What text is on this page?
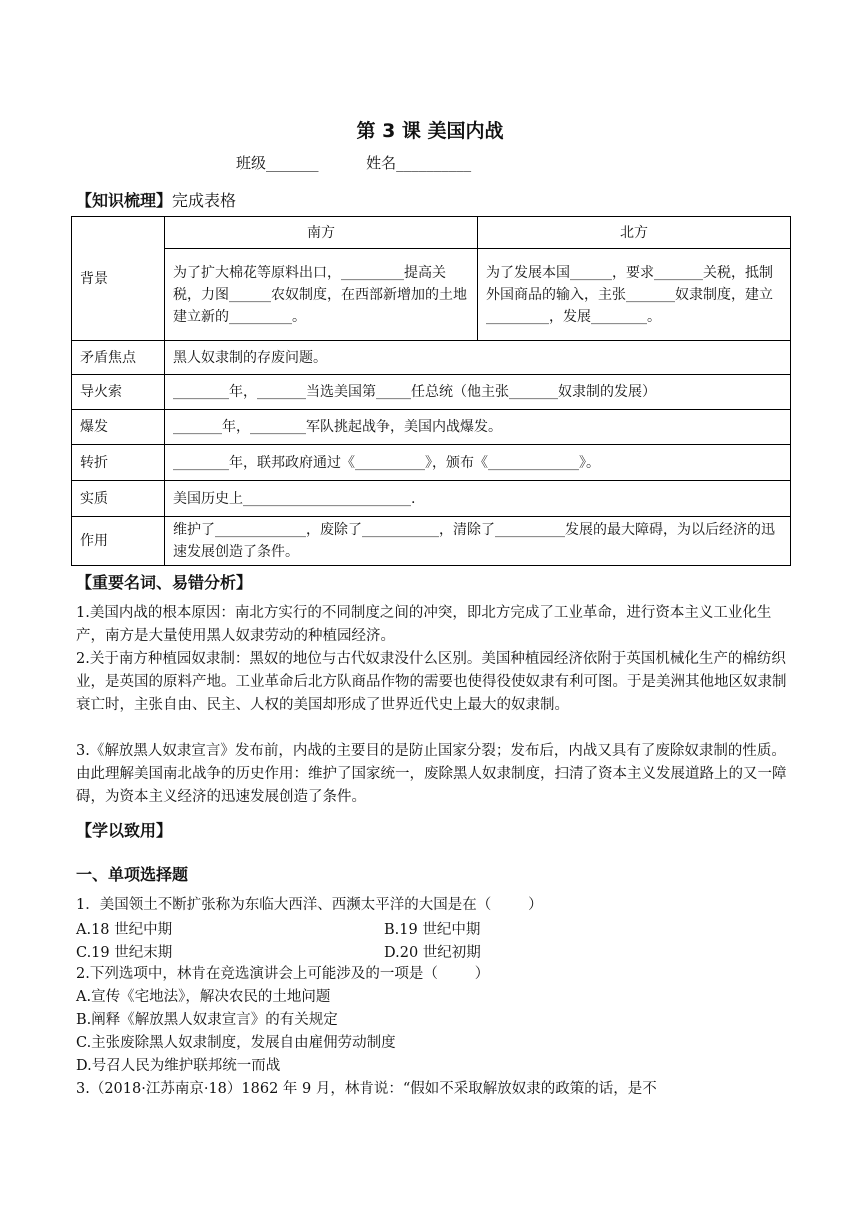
第 3 课 美国内战
班级_______          姓名__________
【知识梳理】完成表格
背景	南方	北方
	为了扩大棉花等原料出口，_________提高关税，力图______农奴制度，在西部新增加的土地建立新的_________。	为了发展本国______，要求_______关税，抵制外国商品的输入，主张_______奴隶制度，建立_________，发展________。
矛盾焦点	黑人奴隶制的存废问题。	
导火索	________年，_______当选美国第_____任总统（他主张_______奴隶制的发展）	
爆发	_______年，________军队挑起战争，美国内战爆发。	
转折	________年，联邦政府通过《__________》，颁布《_____________》。	
实质	美国历史上________________________.	
作用	维护了_____________，废除了___________，清除了__________发展的最大障碍，为以后经济的迅速发展创造了条件。	
【重要名词、易错分析】
1.美国内战的根本原因：南北方实行的不同制度之间的冲突，即北方完成了工业革命，进行资本主义工业化生产，南方是大量使用黑人奴隶劳动的种植园经济。
2.关于南方种植园奴隶制：黑奴的地位与古代奴隶没什么区别。美国种植园经济依附于英国机械化生产的棉纺织业，是英国的原料产地。工业革命后北方队商品作物的需要也使得役使奴隶有利可图。于是美洲其他地区奴隶制衰亡时，主张自由、民主、人权的美国却形成了世界近代史上最大的奴隶制。
3.《解放黑人奴隶宣言》发布前，内战的主要目的是防止国家分裂；发布后，内战又具有了废除奴隶制的性质。由此理解美国南北战争的历史作用：维护了国家统一，废除黑人奴隶制度，扫清了资本主义发展道路上的又一障碍，为资本主义经济的迅速发展创造了条件。
【学以致用】
一、单项选择题
1．美国领土不断扩张称为东临大西洋、西濒太平洋的大国是在（        ）
A.18 世纪中期	B.19 世纪中期
C.19 世纪末期	D.20 世纪初期
2.下列选项中，林肯在竞选演讲会上可能涉及的一项是（        ）
A.宣传《宅地法》，解决农民的土地问题
B.阐释《解放黑人奴隶宣言》的有关规定
C.主张废除黑人奴隶制度，发展自由雇佣劳动制度
D.号召人民为维护联邦统一而战
3.（2018·江苏南京·18）1862 年 9 月，林肯说：“假如不采取解放奴隶的政策的话，是不
